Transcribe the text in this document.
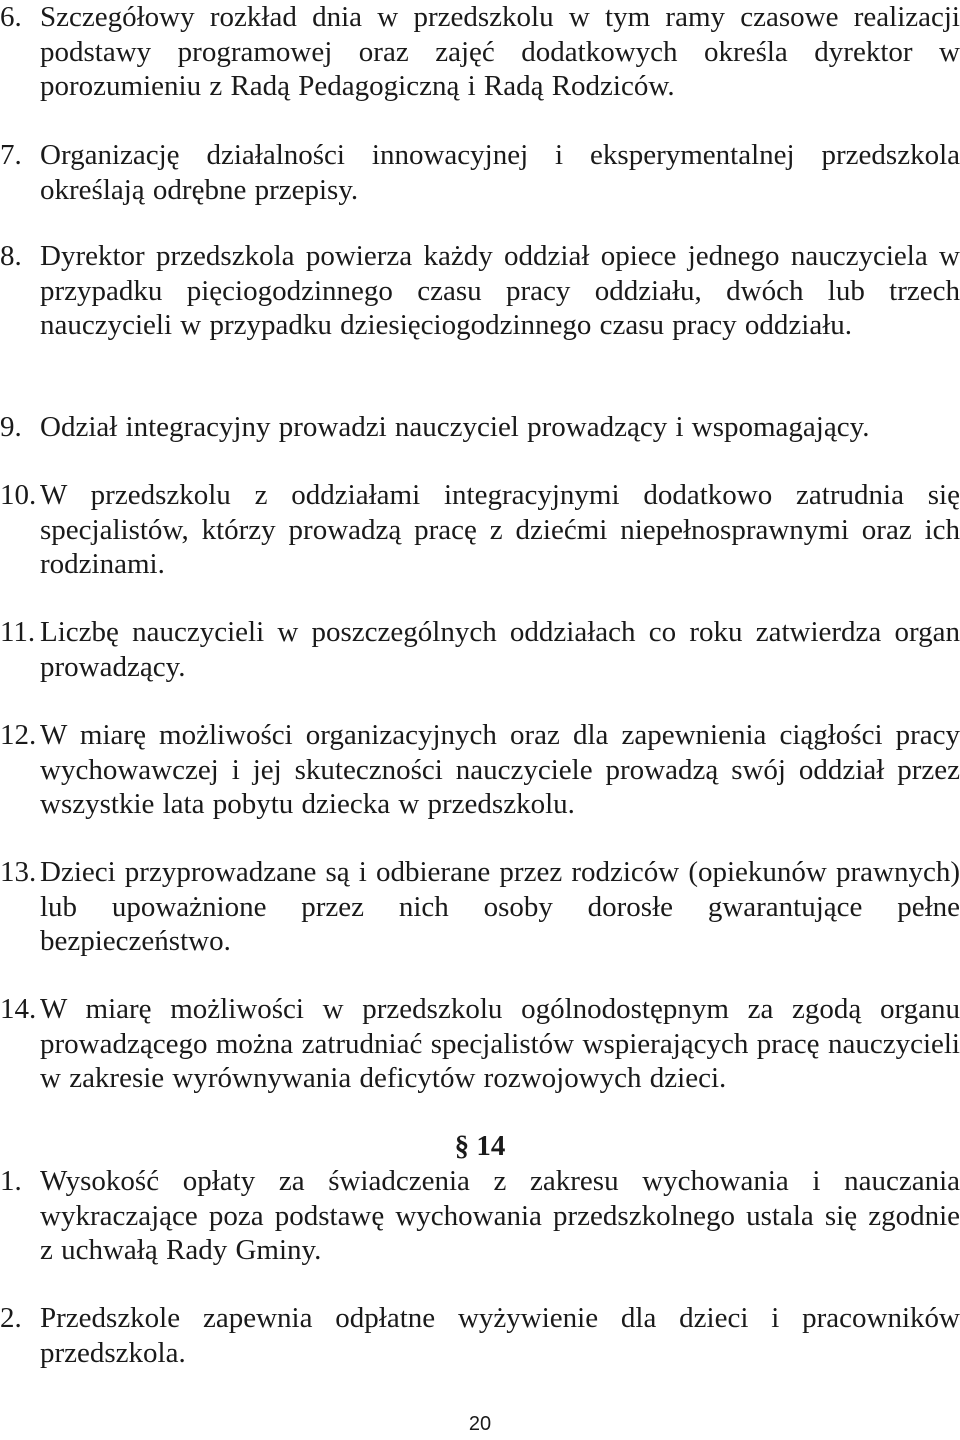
6. Szczegółowy rozkład dnia w przedszkolu w tym ramy czasowe realizacji podstawy programowej oraz zajęć dodatkowych określa dyrektor w porozumieniu z Radą Pedagogiczną i Radą Rodziców.
7. Organizację działalności innowacyjnej i eksperymentalnej przedszkola określają odrębne przepisy.
8. Dyrektor przedszkola powierza każdy oddział opiece jednego nauczyciela w przypadku pięciogodzinnego czasu pracy oddziału, dwóch lub trzech nauczycieli w przypadku dziesięciogodzinnego czasu pracy oddziału.
9. Odział integracyjny prowadzi nauczyciel prowadzący i wspomagający.
10. W przedszkolu z oddziałami integracyjnymi dodatkowo zatrudnia się specjalistów, którzy prowadzą pracę z dziećmi niepełnosprawnymi oraz ich rodzinami.
11. Liczbę nauczycieli w poszczególnych oddziałach co roku zatwierdza organ prowadzący.
12. W miarę możliwości organizacyjnych oraz dla zapewnienia ciągłości pracy wychowawczej i jej skuteczności nauczyciele prowadzą swój oddział przez wszystkie lata pobytu dziecka w przedszkolu.
13. Dzieci przyprowadzane są i odbierane przez rodziców (opiekunów prawnych) lub upoważnione przez nich osoby dorosłe gwarantujące pełne bezpieczeństwo.
14. W miarę możliwości w przedszkolu ogólnodostępnym za zgodą organu prowadzącego można zatrudniać specjalistów wspierających pracę nauczycieli w zakresie wyrównywania deficytów rozwojowych dzieci.
§ 14
1. Wysokość opłaty za świadczenia z zakresu wychowania i nauczania wykraczające poza podstawę wychowania przedszkolnego ustala się zgodnie z uchwałą Rady Gminy.
2. Przedszkole zapewnia odpłatne wyżywienie dla dzieci i pracowników przedszkola.
20
